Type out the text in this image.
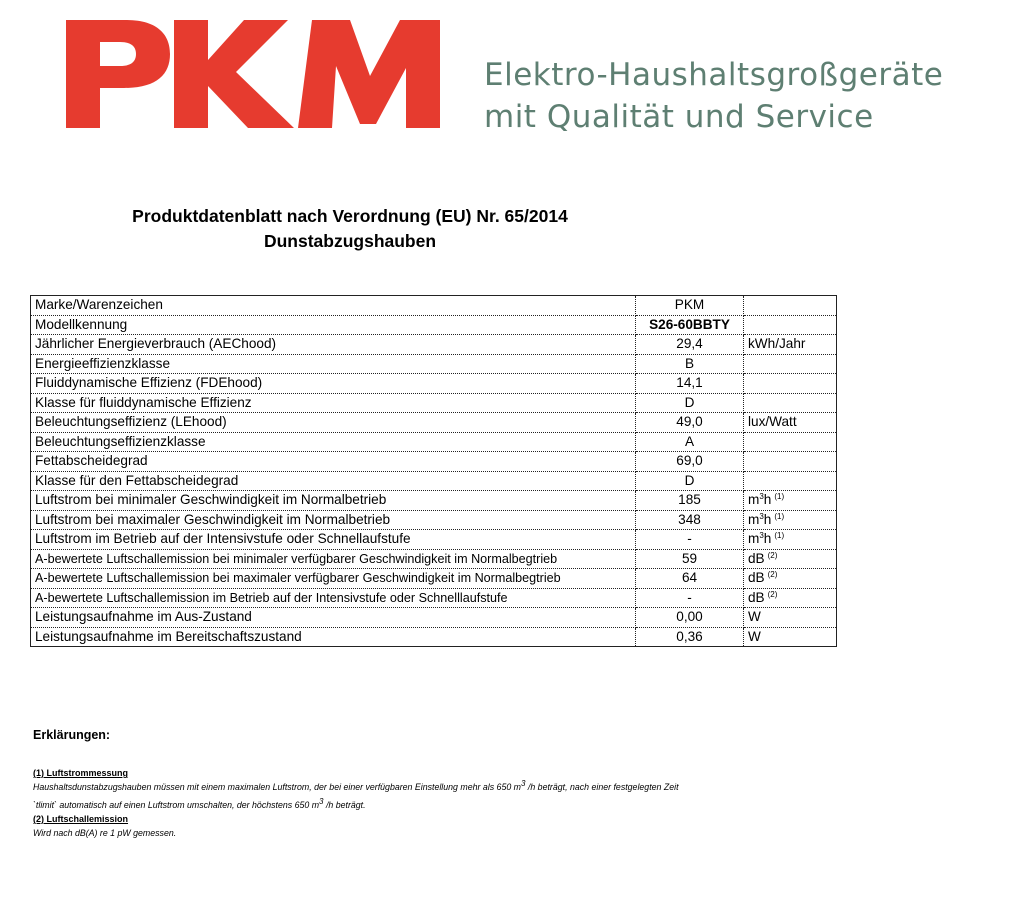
Elektro-Haushaltsgroßgeräte
mit Qualität und Service
Produktdatenblatt nach Verordnung (EU) Nr. 65/2014
Dunstabzugshauben
Marke/Warenzeichen	PKM	
Modellkennung	S26-60BBTY	
Jährlicher Energieverbrauch (AEChood)	29,4	kWh/Jahr
Energieeffizienzklasse	B	
Fluiddynamische Effizienz (FDEhood)	14,1	
Klasse für fluiddynamische Effizienz	D	
Beleuchtungseffizienz (LEhood)	49,0	lux/Watt
Beleuchtungseffizienzklasse	A	
Fettabscheidegrad	69,0	
Klasse für den Fettabscheidegrad	D	
Luftstrom bei minimaler Geschwindigkeit im Normalbetrieb	185	$m^3h$ $^{(1)}$
Luftstrom bei maximaler Geschwindigkeit im Normalbetrieb	348	$m^3h$ $^{(1)}$
Luftstrom im Betrieb auf der Intensivstufe oder Schnellaufstufe	-	$m^3h$ $^{(1)}$
A-bewertete Luftschallemission bei minimaler verfügbarer Geschwindigkeit im Normalbegtrieb	59	dB $^{(2)}$
A-bewertete Luftschallemission bei maximaler verfügbarer Geschwindigkeit im Normalbegtrieb	64	dB $^{(2)}$
A-bewertete Luftschallemission im Betrieb auf der Intensivstufe oder Schnelllaufstufe	-	dB $^{(2)}$
Leistungsaufnahme im Aus-Zustand	0,00	W
Leistungsaufnahme im Bereitschaftszustand	0,36	W
Erklärungen:
(1) Luftstrommessung
Haushaltsdunstabzugshauben müssen mit einem maximalen Luftstrom, der bei einer verfügbaren Einstellung mehr als 650 $m^3$ /h beträgt, nach einer festgelegten Zeit
`tlimit` automatisch auf einen Luftstrom umschalten, der höchstens 650 $m^3$ /h beträgt.
(2) Luftschallemission
Wird nach dB(A) re 1 pW gemessen.
